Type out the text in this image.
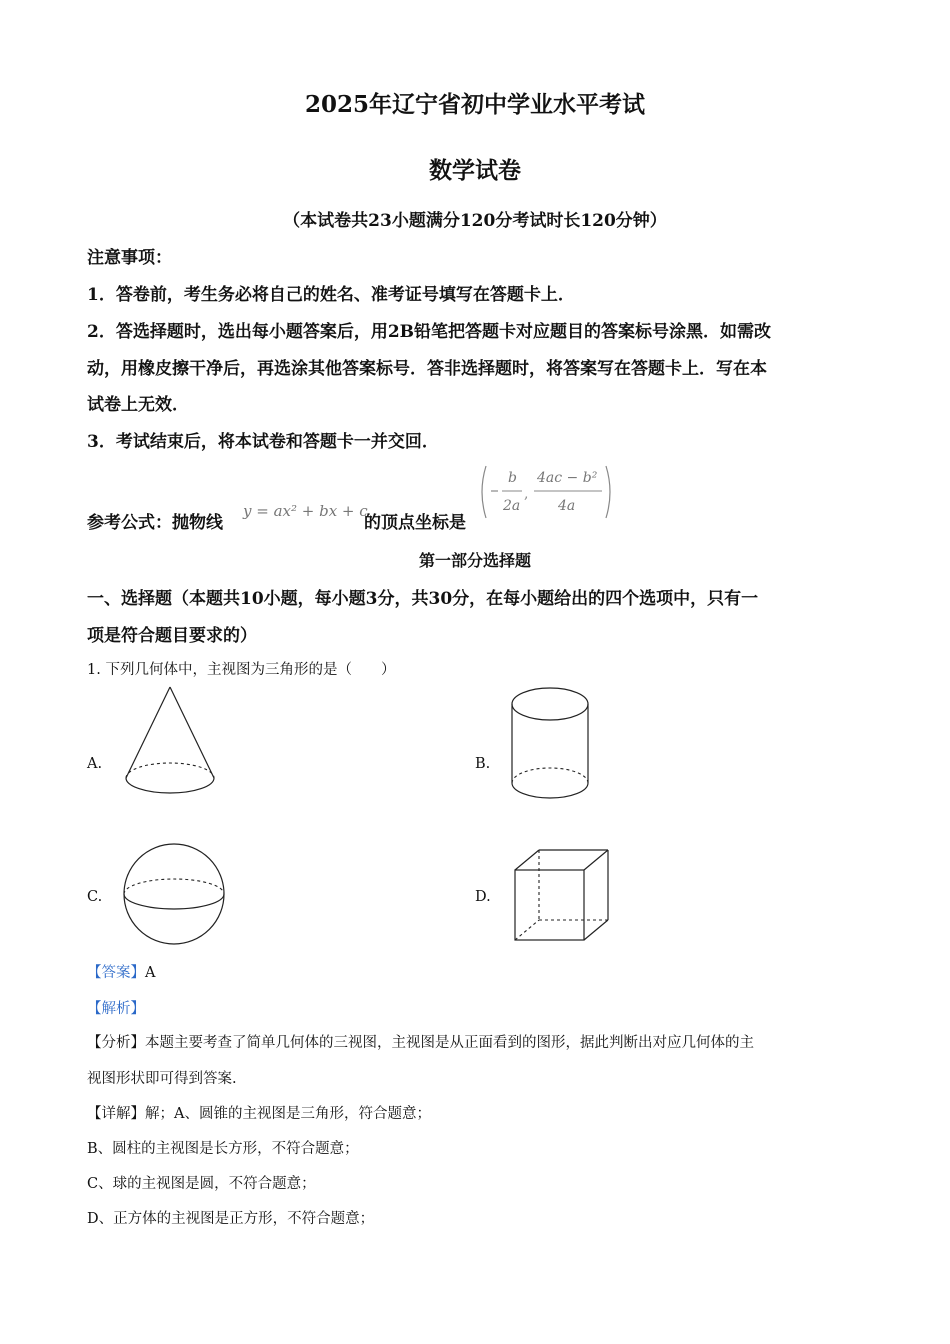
2025年辽宁省初中学业水平考试
数学试卷
（本试卷共23小题满分120分考试时长120分钟）
注意事项：
1．答卷前，考生务必将自己的姓名、准考证号填写在答题卡上．
2．答选择题时，选出每小题答案后，用2B铅笔把答题卡对应题目的答案标号涂黑．如需改
动，用橡皮擦干净后，再选涂其他答案标号．答非选择题时，将答案写在答题卡上．写在本
试卷上无效．
3．考试结束后，将本试卷和答题卡一并交回．
参考公式：抛物线
y = ax² + bx + c
的顶点坐标是
,
b
2a
4ac − b²
4a
第一部分选择题
一、选择题（本题共10小题，每小题3分，共30分，在每小题给出的四个选项中，只有一
项是符合题目要求的）
1. 下列几何体中，主视图为三角形的是（　　）
A.	B.
C.	D.
【答案】A
【解析】
【分析】本题主要考查了简单几何体的三视图，主视图是从正面看到的图形，据此判断出对应几何体的主
视图形状即可得到答案.
【详解】解；A、圆锥的主视图是三角形，符合题意；
B、圆柱的主视图是长方形，不符合题意；
C、球的主视图是圆，不符合题意；
D、正方体的主视图是正方形，不符合题意；
